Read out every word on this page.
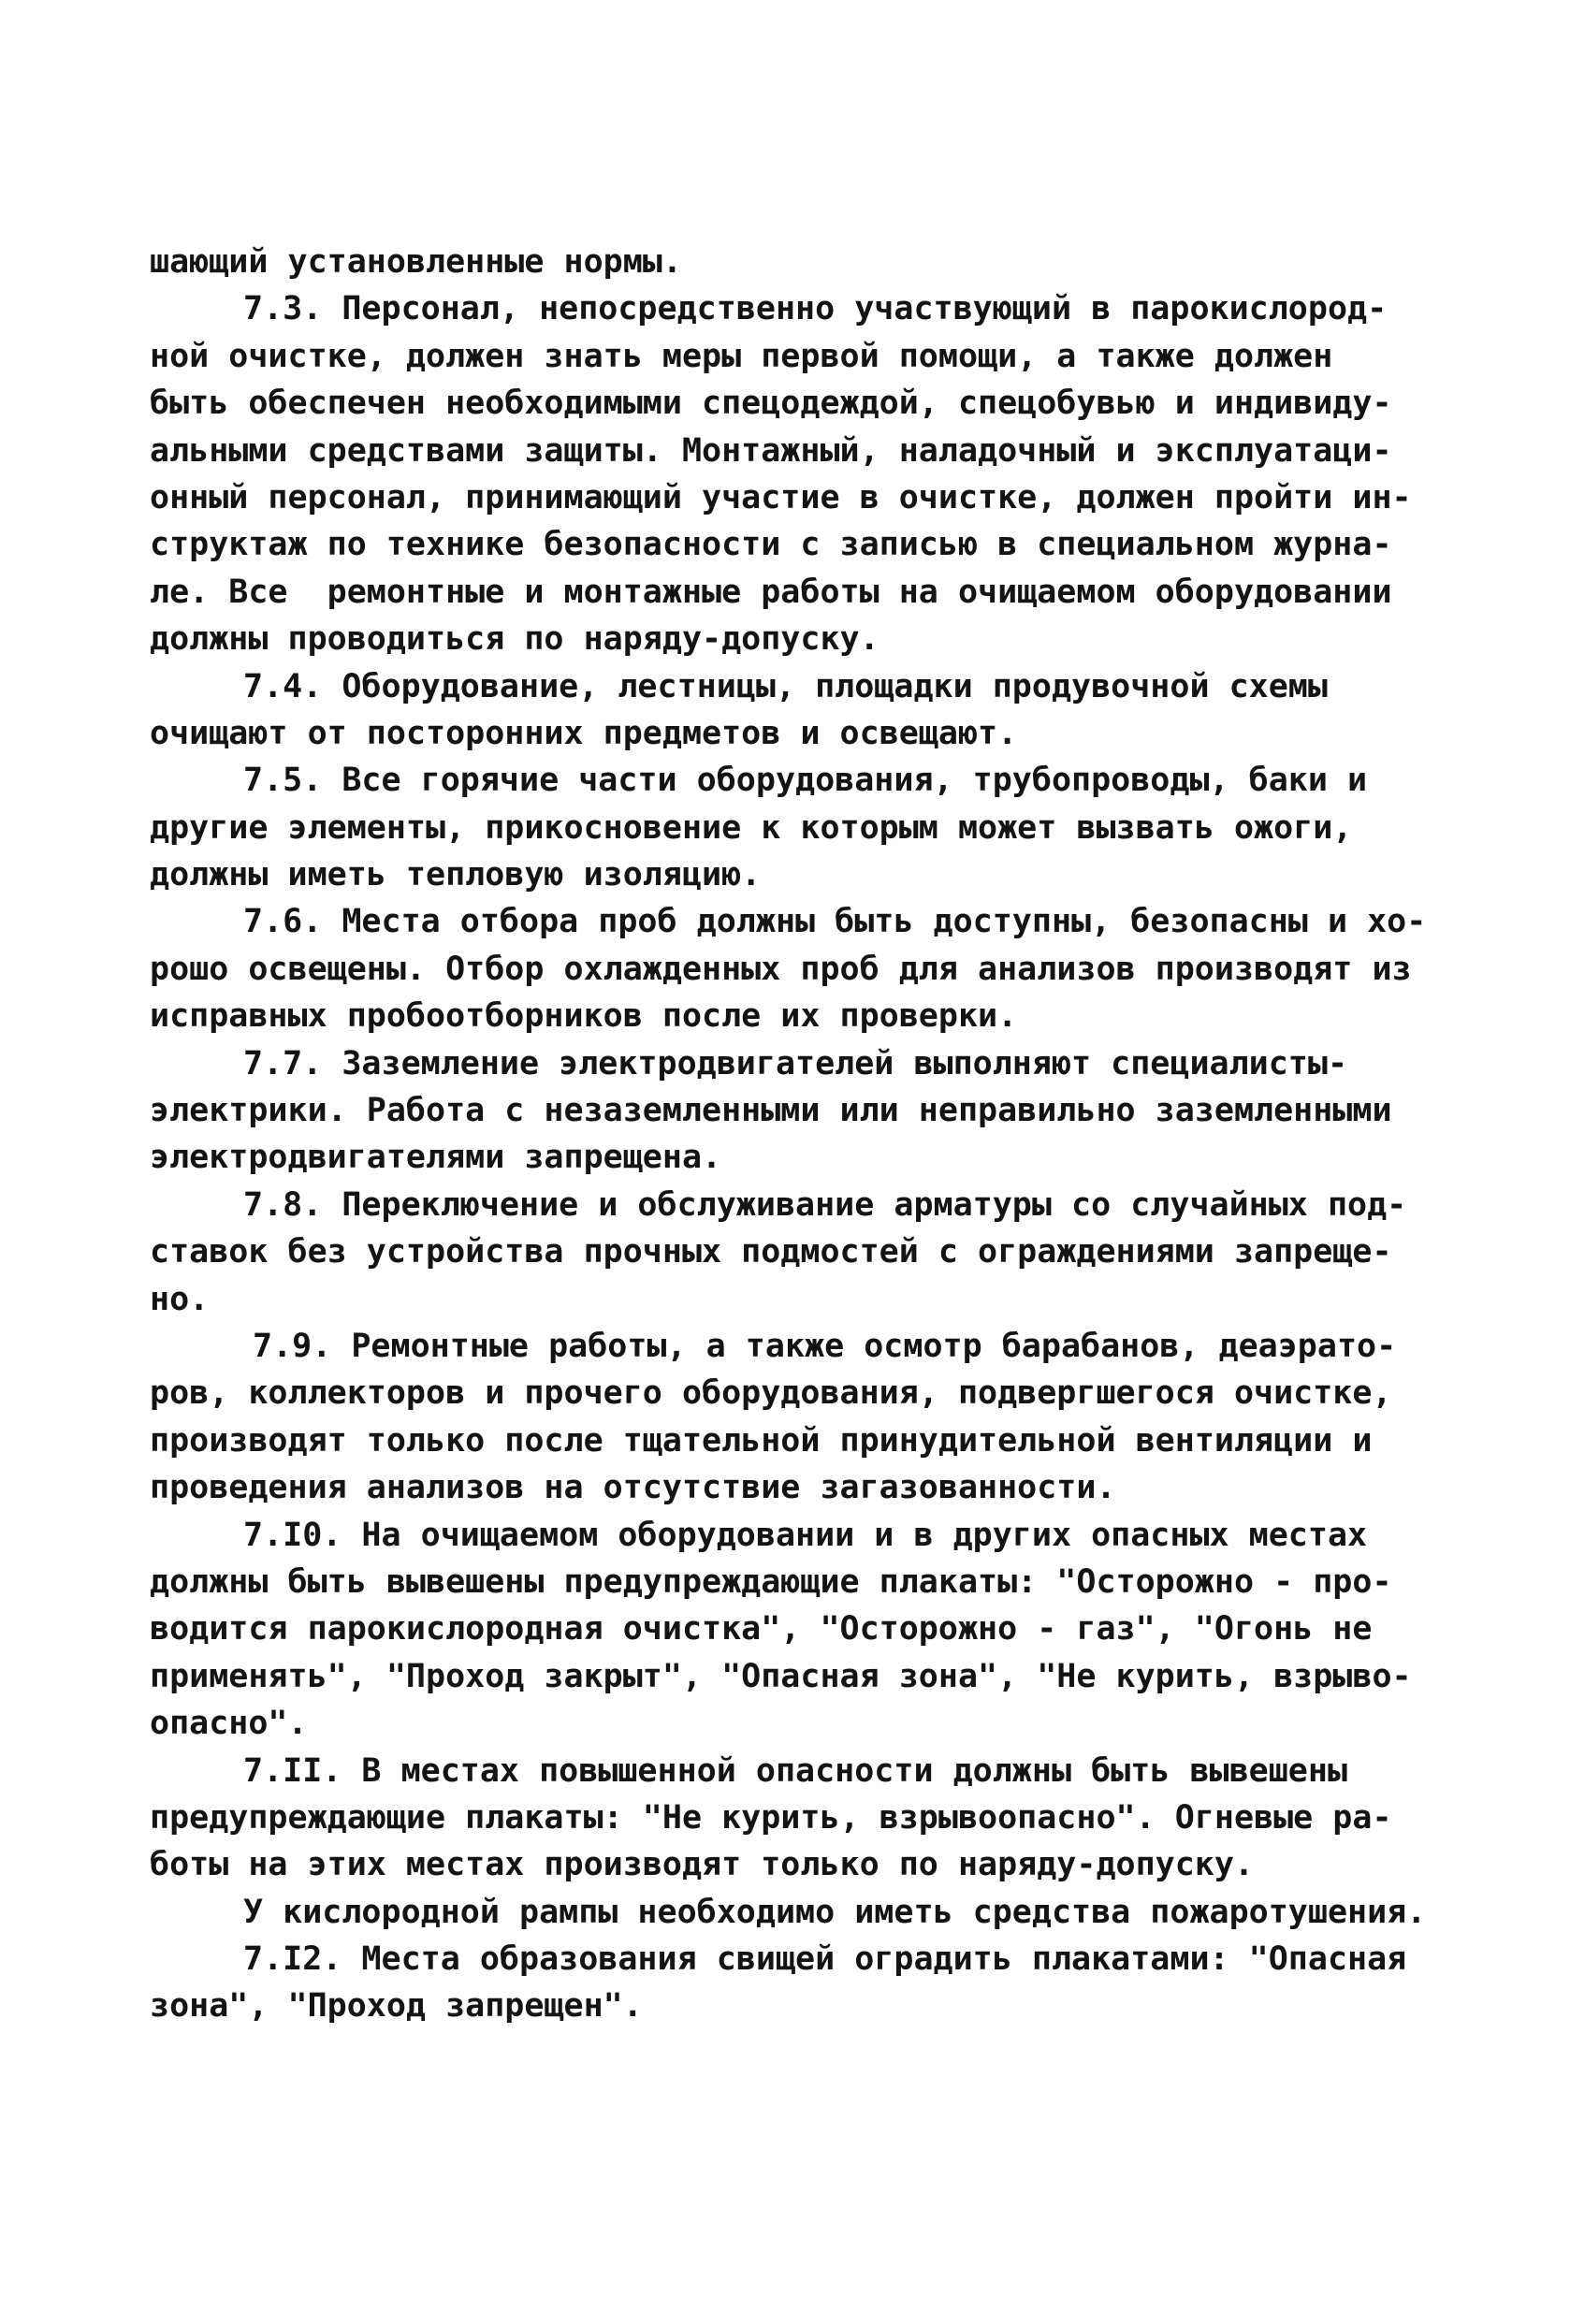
шающий установленные нормы.
7.3. Персонал, непосредственно участвующий в парокислород-
ной очистке, должен знать меры первой помощи, а также должен
быть обеспечен необходимыми спецодеждой, спецобувью и индивиду-
альными средствами защиты. Монтажный, наладочный и эксплуатаци-
онный персонал, принимающий участие в очистке, должен пройти ин-
структаж по технике безопасности с записью в специальном журна-
ле. Все  ремонтные и монтажные работы на очищаемом оборудовании
должны проводиться по наряду-допуску.
7.4. Оборудование, лестницы, площадки продувочной схемы
очищают от посторонних предметов и освещают.
7.5. Все горячие части оборудования, трубопроводы, баки и
другие элементы, прикосновение к которым может вызвать ожоги,
должны иметь тепловую изоляцию.
7.6. Места отбора проб должны быть доступны, безопасны и хо-
рошо освещены. Отбор охлажденных проб для анализов производят из
исправных пробоотборников после их проверки.
7.7. Заземление электродвигателей выполняют специалисты-
электрики. Работа с незаземленными или неправильно заземленными
электродвигателями запрещена.
7.8. Переключение и обслуживание арматуры со случайных под-
ставок без устройства прочных подмостей с ограждениями запреще-
но.
7.9. Ремонтные работы, а также осмотр барабанов, деаэрато-
ров, коллекторов и прочего оборудования, подвергшегося очистке,
производят только после тщательной принудительной вентиляции и
проведения анализов на отсутствие загазованности.
7.I0. На очищаемом оборудовании и в других опасных местах
должны быть вывешены предупреждающие плакаты: "Осторожно - про-
водится парокислородная очистка", "Осторожно - газ", "Огонь не
применять", "Проход закрыт", "Опасная зона", "Не курить, взрыво-
опасно".
7.II. В местах повышенной опасности должны быть вывешены
предупреждающие плакаты: "Не курить, взрывоопасно". Огневые ра-
боты на этих местах производят только по наряду-допуску.
У кислородной рампы необходимо иметь средства пожаротушения.
7.I2. Места образования свищей оградить плакатами: "Опасная
зона", "Проход запрещен".
